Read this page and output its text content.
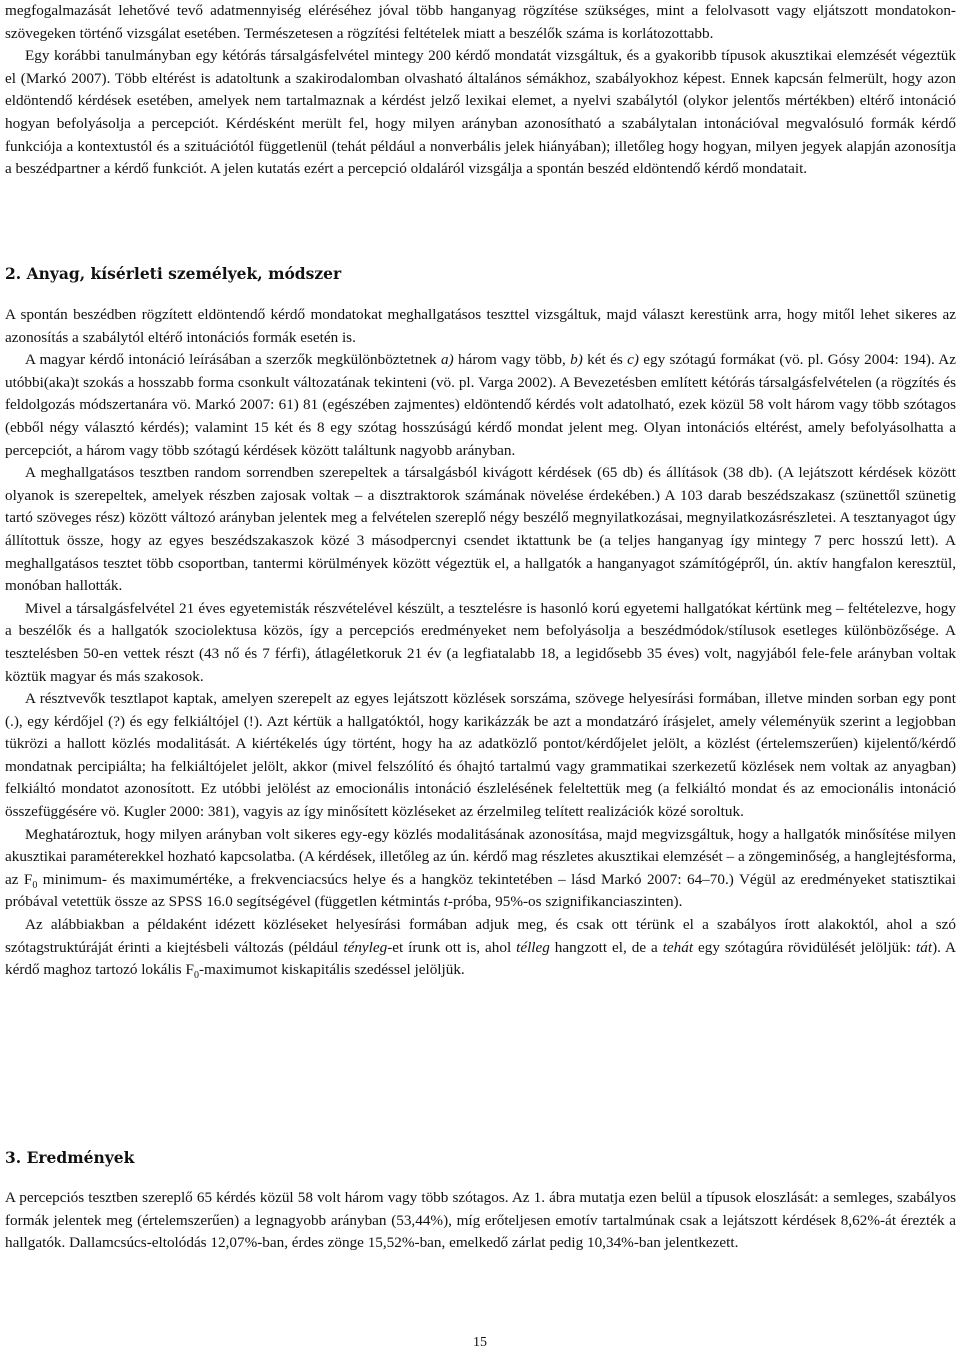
megfogalmazását lehetővé tevő adatmennyiség eléréséhez jóval több hanganyag rögzítése szükséges, mint a felolvasott vagy eljátszott mondatokon-szövegeken történő vizsgálat esetében. Természetesen a rögzítési feltételek miatt a beszélők száma is korlátozottabb.

Egy korábbi tanulmányban egy kétórás társalgásfelvétel mintegy 200 kérdő mondatát vizsgáltuk, és a gyakoribb típusok akusztikai elemzését végeztük el (Markó 2007). Több eltérést is adatoltunk a szakirodalomban olvasható általános sémákhoz, szabályokhoz képest. Ennek kapcsán felmerült, hogy azon eldöntendő kérdések esetében, amelyek nem tartalmaznak a kérdést jelző lexikai elemet, a nyelvi szabálytól (olykor jelentős mértékben) eltérő intonáció hogyan befolyásolja a percepciót. Kérdésként merült fel, hogy milyen arányban azonosítható a szabálytalan intonációval megvalósuló formák kérdő funkciója a kontextustól és a szituációtól függetlenül (tehát például a nonverbális jelek hiányában); illetőleg hogy hogyan, milyen jegyek alapján azonosítja a beszédpartner a kérdő funkciót. A jelen kutatás ezért a percepció oldaláról vizsgálja a spontán beszéd eldöntendő kérdő mondatait.

2. Anyag, kísérleti személyek, módszer

A spontán beszédben rögzített eldöntendő kérdő mondatokat meghallgatásos teszttel vizsgáltuk, majd választ kerestünk arra, hogy mitől lehet sikeres az azonosítás a szabálytól eltérő intonációs formák esetén is.

A magyar kérdő intonáció leírásában a szerzők megkülönböztetnek a) három vagy több, b) két és c) egy szótagú formákat (vö. pl. Gósy 2004: 194). Az utóbbi(aka)t szokás a hosszabb forma csonkult változatának tekinteni (vö. pl. Varga 2002). A Bevezetésben említett kétórás társalgásfelvételen (a rögzítés és feldolgozás módszertanára vö. Markó 2007: 61) 81 (egészében zajmentes) eldöntendő kérdés volt adatolható, ezek közül 58 volt három vagy több szótagos (ebből négy választó kérdés); valamint 15 két és 8 egy szótag hosszúságú kérdő mondat jelent meg. Olyan intonációs eltérést, amely befolyásolhatta a percepciót, a három vagy több szótagú kérdések között találtunk nagyobb arányban.

A meghallgatásos tesztben random sorrendben szerepeltek a társalgásból kivágott kérdések (65 db) és állítások (38 db). (A lejátszott kérdések között olyanok is szerepeltek, amelyek részben zajosak voltak – a disztraktorok számának növelése érdekében.) A 103 darab beszédszakasz (szünettől szünetig tartó szöveges rész) között változó arányban jelentek meg a felvételen szereplő négy beszélő megnyilatkozásai, megnyilatkozásrészletei. A tesztanyagot úgy állítottuk össze, hogy az egyes beszédszakaszok közé 3 másodpercnyi csendet iktattunk be (a teljes hanganyag így mintegy 7 perc hosszú lett). A meghallgatásos tesztet több csoportban, tantermi körülmények között végeztük el, a hallgatók a hanganyagot számítógépről, ún. aktív hangfalon keresztül, monóban hallották.

Mivel a társalgásfelvétel 21 éves egyetemisták részvételével készült, a tesztelésre is hasonló korú egyetemi hallgatókat kértünk meg – feltételezve, hogy a beszélők és a hallgatók szociolektusa közös, így a percepciós eredményeket nem befolyásolja a beszédmódok/stílusok esetleges különbözősége. A tesztelésben 50-en vettek részt (43 nő és 7 férfi), átlagéletkoruk 21 év (a legfiatalabb 18, a legidősebb 35 éves) volt, nagyjából fele-fele arányban voltak köztük magyar és más szakosok.

A résztvevők tesztlapot kaptak, amelyen szerepelt az egyes lejátszott közlések sorszáma, szövege helyesírási formában, illetve minden sorban egy pont (.), egy kérdőjel (?) és egy felkiáltójel (!). Azt kértük a hallgatóktól, hogy karikázzák be azt a mondatzáró írásjelet, amely véleményük szerint a legjobban tükrözi a hallott közlés modalitását. A kiértékelés úgy történt, hogy ha az adatközlő pontot/kérdőjelet jelölt, a közlést (értelemszerűen) kijelentő/kérdő mondatnak percipiálta; ha felkiáltójelet jelölt, akkor (mivel felszólító és óhajtó tartalmú vagy grammatikai szerkezetű közlések nem voltak az anyagban) felkiáltó mondatot azonosított. Ez utóbbi jelölést az emocionális intonáció észlelésének feleltettük meg (a felkiáltó mondat és az emocionális intonáció összefüggésére vö. Kugler 2000: 381), vagyis az így minősített közléseket az érzelmileg telített realizációk közé soroltuk.

Meghatároztuk, hogy milyen arányban volt sikeres egy-egy közlés modalitásának azonosítása, majd megvizsgáltuk, hogy a hallgatók minősítése milyen akusztikai paraméterekkel hozható kapcsolatba. (A kérdések, illetőleg az ún. kérdő mag részletes akusztikai elemzését – a zöngeminőség, a hanglejtésforma, az $F_0$ minimum- és maximumértéke, a frekvenciacsúcs helye és a hangköz tekintetében – lásd Markó 2007: 64–70.) Végül az eredményeket statisztikai próbával vetettük össze az SPSS 16.0 segítségével (független kétmintás t-próba, 95%-os szignifikanciaszinten).

Az alábbiakban a példaként idézett közléseket helyesírási formában adjuk meg, és csak ott térünk el a szabályos írott alakoktól, ahol a szó szótagstruktúráját érinti a kiejtésbeli változás (például tényleg-et írunk ott is, ahol télleg hangzott el, de a tehát egy szótagúra rövidülését jelöljük: tát). A kérdő maghoz tartozó lokális $F_0$-maximumot kiskapitális szedéssel jelöljük.

3. Eredmények

A percepciós tesztben szereplő 65 kérdés közül 58 volt három vagy több szótagos. Az 1. ábra mutatja ezen belül a típusok eloszlását: a semleges, szabályos formák jelentek meg (értelemszerűen) a legnagyobb arányban (53,44%), míg erőteljesen emotív tartalmúnak csak a lejátszott kérdések 8,62%-át érezték a hallgatók. Dallamcsúcs-eltolódás 12,07%-ban, érdes zönge 15,52%-ban, emelkedő zárlat pedig 10,34%-ban jelentkezett.

15
